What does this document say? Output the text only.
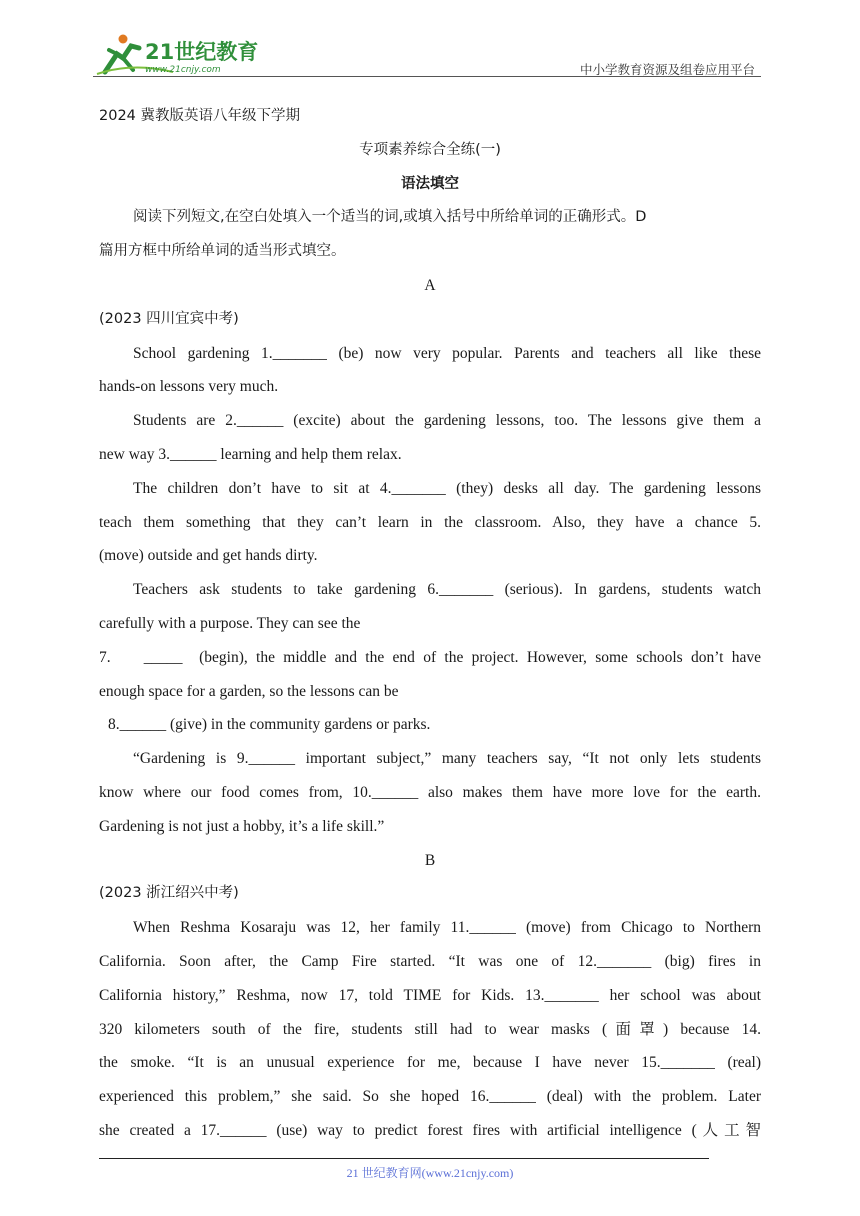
21世纪教育
www.21cnjy.com	中小学教育资源及组卷应用平台
2024 冀教版英语八年级下学期
专项素养综合全练(一)
语法填空
阅读下列短文,在空白处填入一个适当的词,或填入括号中所给单词的正确形式。D
篇用方框中所给单词的适当形式填空。
A
(2023 四川宜宾中考)
School gardening 1._______ (be) now very popular. Parents and teachers all like these
hands-on lessons very much.
Students are 2.______ (excite) about the gardening lessons, too. The lessons give them a
new way 3.______ learning and help them relax.
The children don’t have to sit at 4._______ (they) desks all day. The gardening lessons
teach them something that they can’t learn in the classroom. Also, they have a chance 5.
(move) outside and get hands dirty.
Teachers ask students to take gardening 6._______ (serious). In gardens, students watch
carefully with a purpose. They can see the
7.    _____  (begin), the middle and the end of the project. However, some schools don’t have
enough space for a garden, so the lessons can be
8.______ (give) in the community gardens or parks.
“Gardening is 9.______ important subject,” many teachers say, “It not only lets students
know where our food comes from, 10.______ also makes them have more love for the earth.
Gardening is not just a hobby, it’s a life skill.”
B
(2023 浙江绍兴中考)
When Reshma Kosaraju was 12, her family 11.______ (move) from Chicago to Northern
California. Soon after, the Camp Fire started. “It was one of 12._______ (big) fires in
California history,” Reshma, now 17, told TIME for Kids. 13._______ her school was about
320 kilometers south of the fire, students still had to wear masks (面罩) because 14.
the smoke. “It is an unusual experience for me, because I have never 15._______ (real)
experienced this problem,” she said. So she hoped 16.______ (deal) with the problem. Later
she created a 17.______ (use) way to predict forest fires with artificial intelligence (人工智
21 世纪教育网(www.21cnjy.com)
